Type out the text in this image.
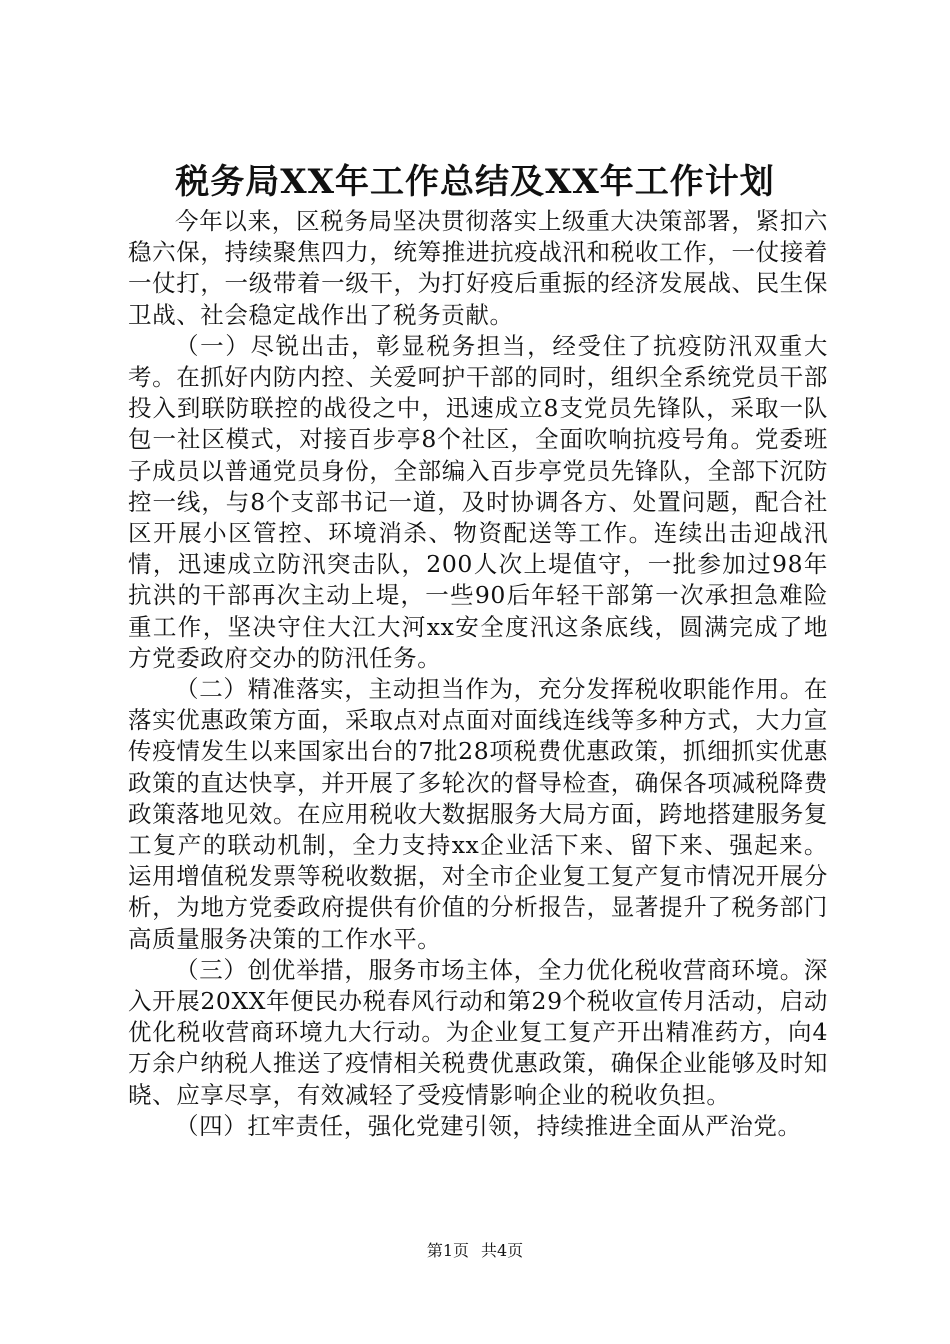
税务局XX年工作总结及XX年工作计划

今年以来，区税务局坚决贯彻落实上级重大决策部署，紧扣六稳六保，持续聚焦四力，统筹推进抗疫战汛和税收工作，一仗接着一仗打，一级带着一级干，为打好疫后重振的经济发展战、民生保卫战、社会稳定战作出了税务贡献。

（一）尽锐出击，彰显税务担当，经受住了抗疫防汛双重大考。在抓好内防内控、关爱呵护干部的同时，组织全系统党员干部投入到联防联控的战役之中，迅速成立8支党员先锋队，采取一队包一社区模式，对接百步亭8个社区，全面吹响抗疫号角。党委班子成员以普通党员身份，全部编入百步亭党员先锋队，全部下沉防控一线，与8个支部书记一道，及时协调各方、处置问题，配合社区开展小区管控、环境消杀、物资配送等工作。连续出击迎战汛情，迅速成立防汛突击队，200人次上堤值守，一批参加过98年抗洪的干部再次主动上堤，一些90后年轻干部第一次承担急难险重工作，坚决守住大江大河xx安全度汛这条底线，圆满完成了地方党委政府交办的防汛任务。

（二）精准落实，主动担当作为，充分发挥税收职能作用。在落实优惠政策方面，采取点对点面对面线连线等多种方式，大力宣传疫情发生以来国家出台的7批28项税费优惠政策，抓细抓实优惠政策的直达快享，并开展了多轮次的督导检查，确保各项减税降费政策落地见效。在应用税收大数据服务大局方面，跨地搭建服务复工复产的联动机制，全力支持xx企业活下来、留下来、强起来。运用增值税发票等税收数据，对全市企业复工复产复市情况开展分析，为地方党委政府提供有价值的分析报告，显著提升了税务部门高质量服务决策的工作水平。

（三）创优举措，服务市场主体，全力优化税收营商环境。深入开展20XX年便民办税春风行动和第29个税收宣传月活动，启动优化税收营商环境九大行动。为企业复工复产开出精准药方，向4万余户纳税人推送了疫情相关税费优惠政策，确保企业能够及时知晓、应享尽享，有效减轻了受疫情影响企业的税收负担。

（四）扛牢责任，强化党建引领，持续推进全面从严治党。

第1页 共4页
